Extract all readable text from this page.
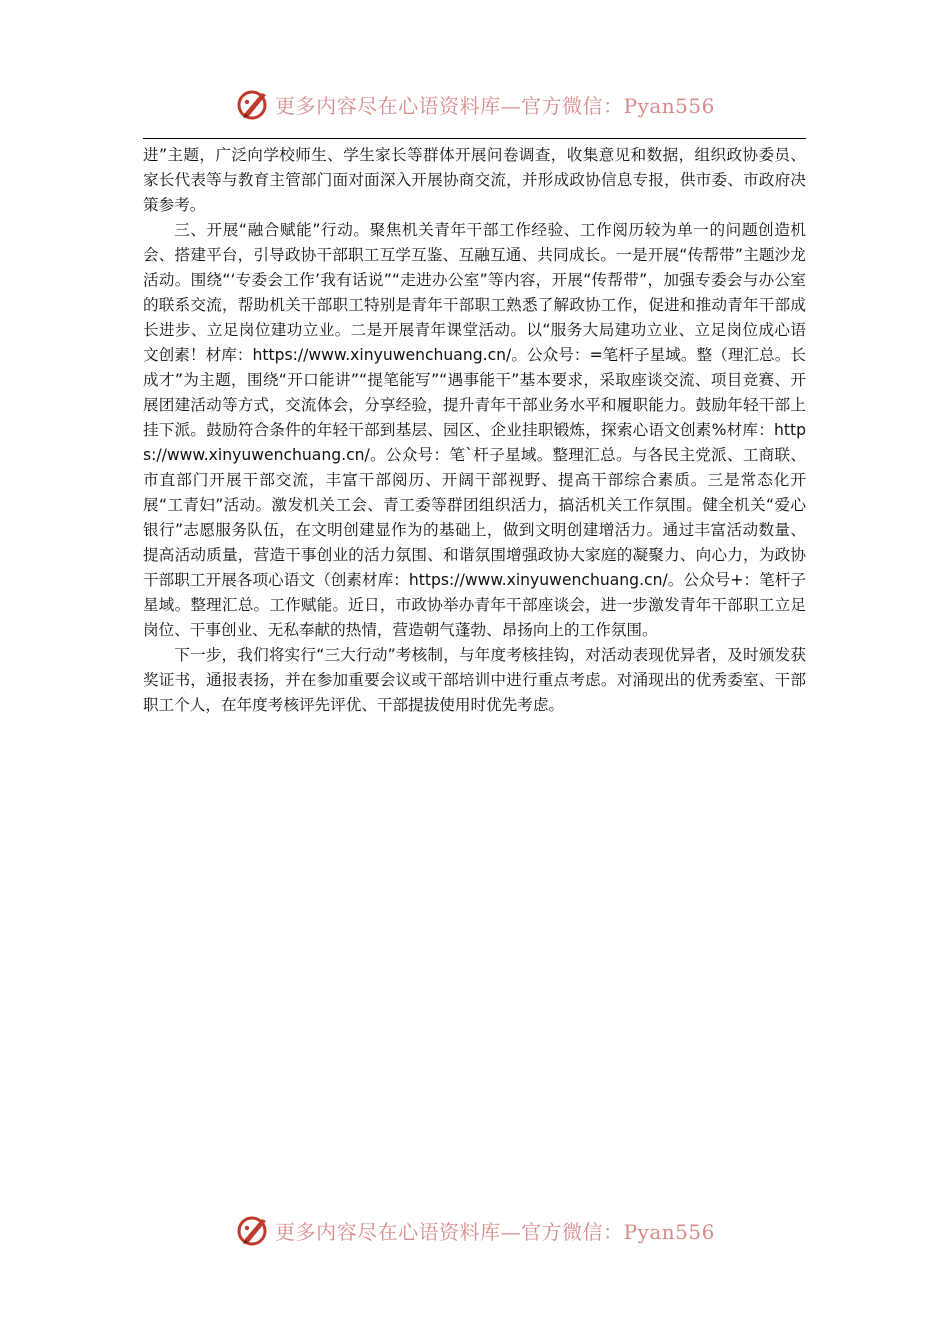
更多内容尽在心语资料库—官方微信：Pyan556

进”主题，广泛向学校师生、学生家长等群体开展问卷调查，收集意见和数据，组织政协委员、家长代表等与教育主管部门面对面深入开展协商交流，并形成政协信息专报，供市委、市政府决策参考。

三、开展“融合赋能”行动。聚焦机关青年干部工作经验、工作阅历较为单一的问题创造机会、搭建平台，引导政协干部职工互学互鉴、互融互通、共同成长。一是开展“传帮带”主题沙龙活动。围绕“‘专委会工作’我有话说”“走进办公室”等内容，开展“传帮带”，加强专委会与办公室的联系交流，帮助机关干部职工特别是青年干部职工熟悉了解政协工作，促进和推动青年干部成长进步、立足岗位建功立业。二是开展青年课堂活动。以“服务大局建功立业、立足岗位成心语文创素！材库：https://www.xinyuwenchuang.cn/。公众号：=笔杆子星域。整（理汇总。长成才”为主题，围绕“开口能讲”“提笔能写”“遇事能干”基本要求，采取座谈交流、项目竞赛、开展团建活动等方式，交流体会，分享经验，提升青年干部业务水平和履职能力。鼓励年轻干部上挂下派。鼓励符合条件的年轻干部到基层、园区、企业挂职锻炼，探索心语文创素%材库：https://www.xinyuwenchuang.cn/。公众号：笔`杆子星域。整理汇总。与各民主党派、工商联、市直部门开展干部交流，丰富干部阅历、开阔干部视野、提高干部综合素质。三是常态化开展“工青妇”活动。激发机关工会、青工委等群团组织活力，搞活机关工作氛围。健全机关“爱心银行”志愿服务队伍，在文明创建显作为的基础上，做到文明创建增活力。通过丰富活动数量、提高活动质量，营造干事创业的活力氛围、和谐氛围增强政协大家庭的凝聚力、向心力，为政协干部职工开展各项心语文（创素材库：https://www.xinyuwenchuang.cn/。公众号+：笔杆子星域。整理汇总。工作赋能。近日，市政协举办青年干部座谈会，进一步激发青年干部职工立足岗位、干事创业、无私奉献的热情，营造朝气蓬勃、昂扬向上的工作氛围。

下一步，我们将实行“三大行动”考核制，与年度考核挂钩，对活动表现优异者，及时颁发获奖证书，通报表扬，并在参加重要会议或干部培训中进行重点考虑。对涌现出的优秀委室、干部职工个人，在年度考核评先评优、干部提拔使用时优先考虑。

更多内容尽在心语资料库—官方微信：Pyan556
